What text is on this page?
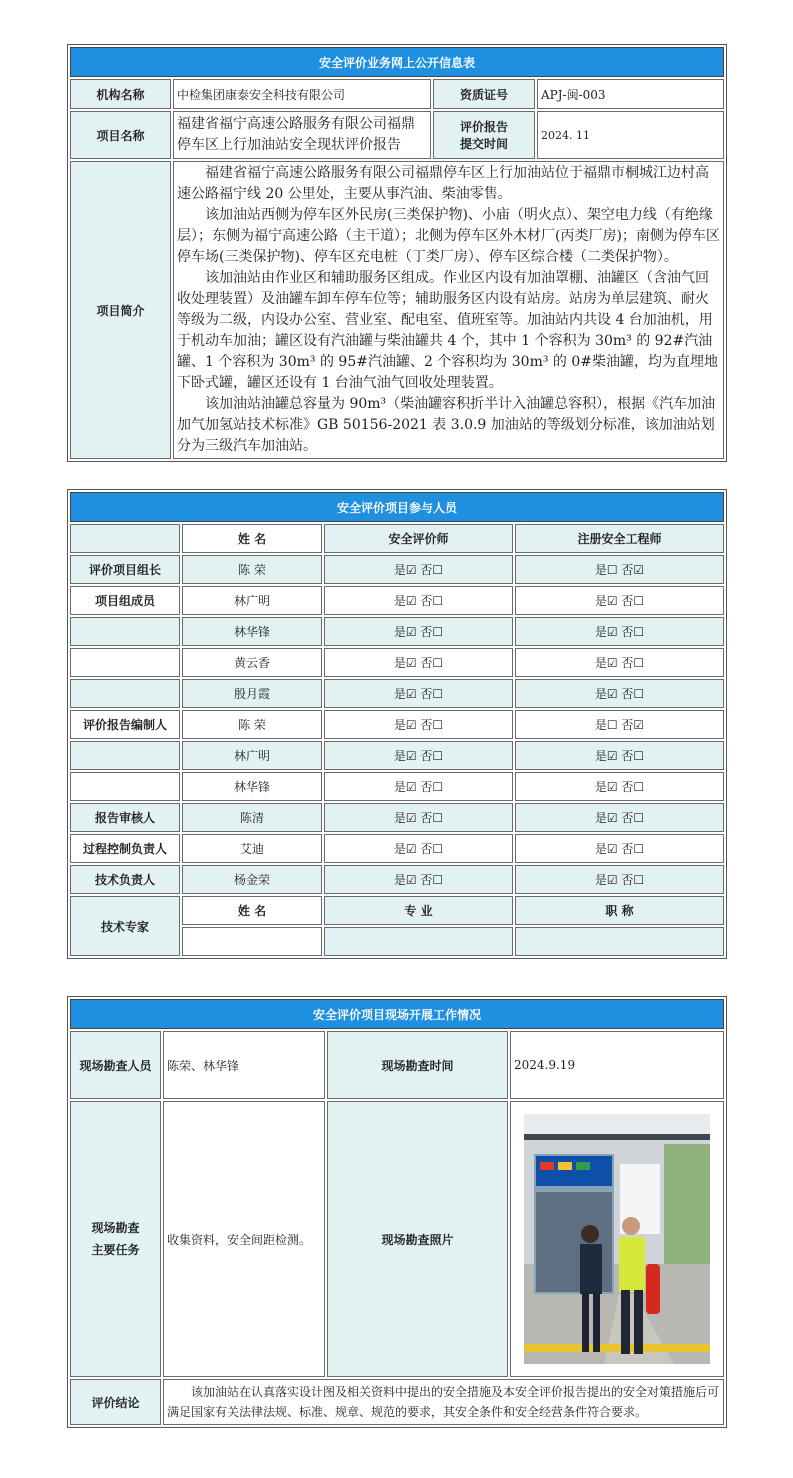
安全评价业务网上公开信息表			
机构名称	中检集团康泰安全科技有限公司	资质证号	APJ-闽-003
项目名称	福建省福宁高速公路服务有限公司福鼎停车区上行加油站安全现状评价报告	评价报告
提交时间	2024. 11
项目简介	福建省福宁高速公路服务有限公司福鼎停车区上行加油站位于福鼎市桐城江边村高速公路福宁线 20 公里处，主要从事汽油、柴油零售。

该加油站西侧为停车区外民房(三类保护物)、小庙（明火点）、架空电力线（有绝缘层）；东侧为福宁高速公路（主干道）；北侧为停车区外木材厂(丙类厂房)；南侧为停车区停车场(三类保护物)、停车区充电桩（丁类厂房）、停车区综合楼（二类保护物）。

该加油站由作业区和辅助服务区组成。作业区内设有加油罩棚、油罐区（含油气回收处理装置）及油罐车卸车停车位等；辅助服务区内设有站房。站房为单层建筑、耐火等级为二级，内设办公室、营业室、配电室、值班室等。加油站内共设 4 台加油机，用于机动车加油；罐区设有汽油罐与柴油罐共 4 个，其中 1 个容积为 30m³ 的 92#汽油罐、1 个容积为 30m³ 的 95#汽油罐、2 个容积均为 30m³ 的 0#柴油罐，均为直埋地下卧式罐，罐区还设有 1 台油气油气回收处理装置。

该加油站油罐总容量为 90m³（柴油罐容积折半计入油罐总容积），根据《汽车加油加气加氢站技术标准》GB 50156-2021 表 3.0.9 加油站的等级划分标准，该加油站划分为三级汽车加油站。		

安全评价项目参与人员			
	姓 名	安全评价师	注册安全工程师
评价项目组长	陈 荣	是☑ 否☐	是☐ 否☑
项目组成员	林广明	是☑ 否☐	是☑ 否☐
	林华锋	是☑ 否☐	是☑ 否☐
	黄云香	是☑ 否☐	是☑ 否☐
	殷月霞	是☑ 否☐	是☑ 否☐
评价报告编制人	陈 荣	是☑ 否☐	是☐ 否☑
	林广明	是☑ 否☐	是☑ 否☐
	林华锋	是☑ 否☐	是☑ 否☐
报告审核人	陈清	是☑ 否☐	是☑ 否☐
过程控制负责人	艾迪	是☑ 否☐	是☑ 否☐
技术负责人	杨金荣	是☑ 否☐	是☑ 否☐
技术专家	姓 名	专 业	职 称

安全评价项目现场开展工作情况			
现场勘查人员	陈荣、林华锋	现场勘查时间	2024.9.19

现场勘查
主要任务	收集资料，安全间距检测。	现场勘查照片	

评价结论	该加油站在认真落实设计图及相关资料中提出的安全措施及本安全评价报告提出的安全对策措施后可满足国家有关法律法规、标准、规章、规范的要求，其安全条件和安全经营条件符合要求。		
